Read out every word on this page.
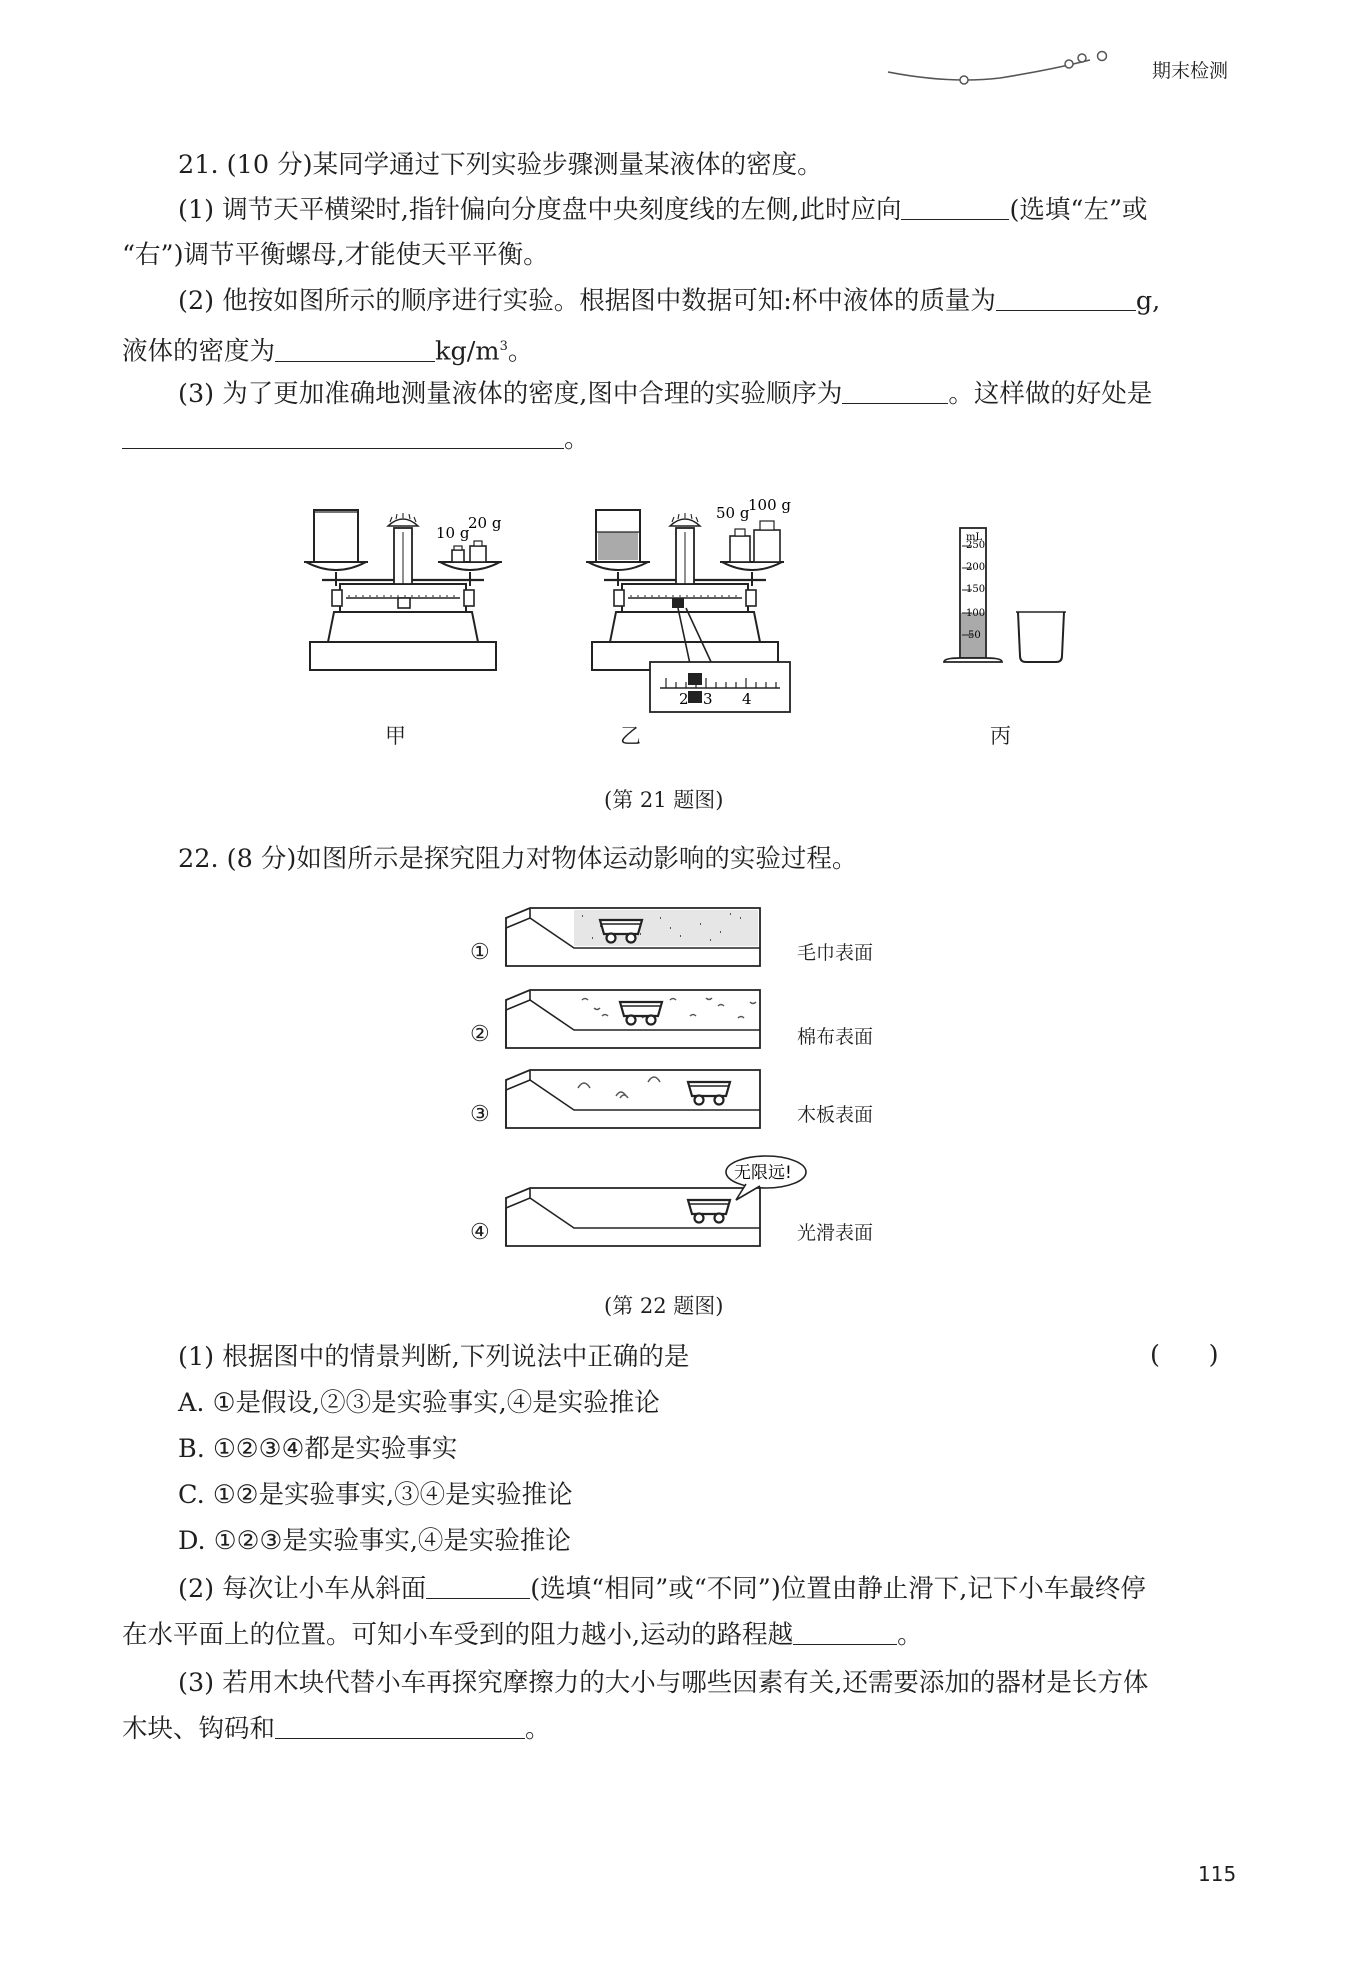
期末检测
21. (10 分)某同学通过下列实验步骤测量某液体的密度。
(1) 调节天平横梁时,指针偏向分度盘中央刻度线的左侧,此时应向	(选填“左”或
“右”)调节平衡螺母,才能使天平平衡。
(2) 他按如图所示的顺序进行实验。根据图中数据可知:杯中液体的质量为	g,
液体的密度为	$kg/m^3$。
(3) 为了更加准确地测量液体的密度,图中合理的实验顺序为	。这样做的好处是
。
10 g
20 g
50 g
100 g
2 3 4
mL
250
200
150
100
50
甲	乙	丙
(第 21 题图)
22. (8 分)如图所示是探究阻力对物体运动影响的实验过程。
无限远!
①
②
③
④
毛巾表面
棉布表面
木板表面
光滑表面
(第 22 题图)
(1) 根据图中的情景判断,下列说法中正确的是	(      )
A. ①是假设,②③是实验事实,④是实验推论
B. ①②③④都是实验事实
C. ①②是实验事实,③④是实验推论
D. ①②③是实验事实,④是实验推论
(2) 每次让小车从斜面	(选填“相同”或“不同”)位置由静止滑下,记下小车最终停
在水平面上的位置。可知小车受到的阻力越小,运动的路程越	。
(3) 若用木块代替小车再探究摩擦力的大小与哪些因素有关,还需要添加的器材是长方体
木块、钩码和	。
115
